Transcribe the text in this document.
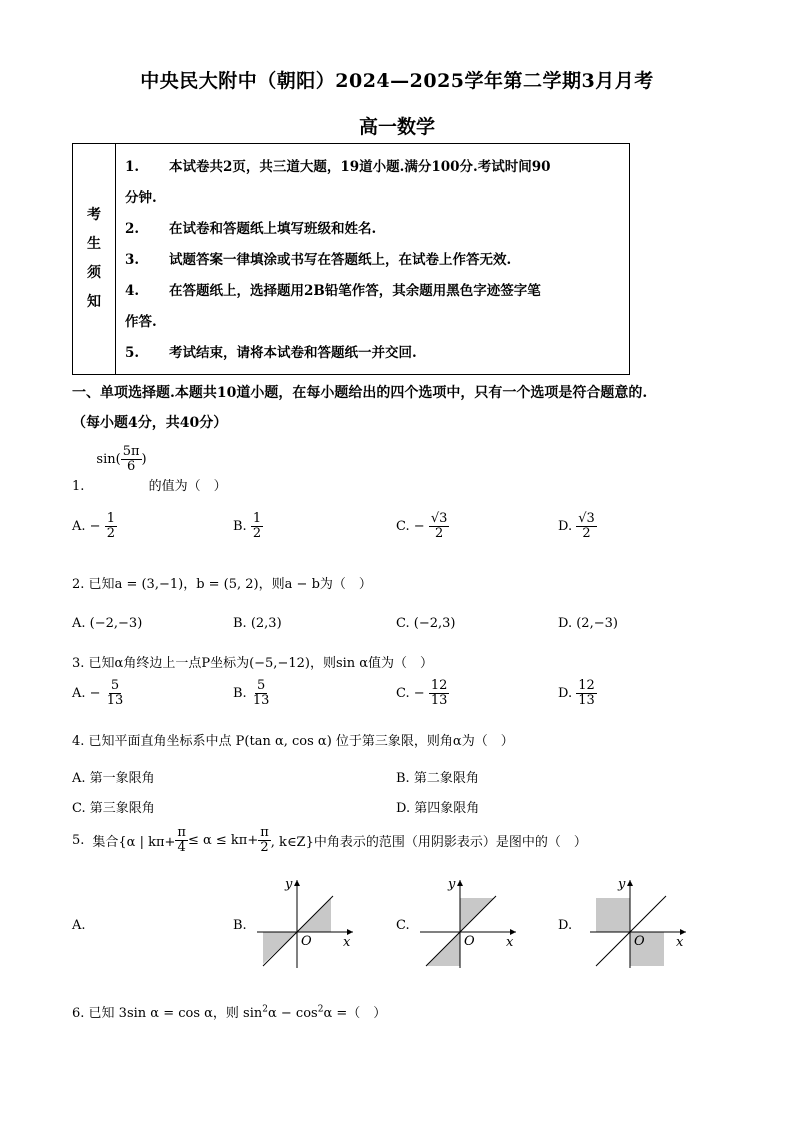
中央民大附中（朝阳）2024—2025学年第二学期3月月考
高一数学
考
生
须
知
1.	本试卷共2页，共三道大题，19道小题.满分100分.考试时间90
分钟.
2.	在试卷和答题纸上填写班级和姓名.
3.	试题答案一律填涂或书写在答题纸上，在试卷上作答无效.
4.	在答题纸上，选择题用2B铅笔作答，其余题用黑色字迹签字笔
作答.
5.	考试结束，请将本试卷和答题纸一并交回.
一、单项选择题.本题共10道小题，在每小题给出的四个选项中，只有一个选项是符合题意的.
（每小题4分，共40分）
1.
$\sin( \frac{5\pi}{6}$ )
的值为（　）
A. − $\frac{1}{2}$	B. $\frac{1}{2}$	C. − $\frac{√3}{2}$	D. $\frac{√3}{2}$
2. 已知a = (3,−1)，b = (5, 2)，则a − b为（　）
A. (−2,−3)	B. (2,3)	C. (−2,3)	D. (2,−3)
3. 已知α角终边上一点P坐标为(−5,−12)，则sin α值为（　）
A. − $\frac{5}{13}$	B. $\frac{5}{13}$	C. − $\frac{12}{13}$	D. $\frac{12}{13}$
4. 已知平面直角坐标系中点 P(tan α, cos α) 位于第三象限，则角α为（　）
A. 第一象限角	B. 第二象限角
C. 第三象限角	D. 第四象限角
5. 集合{α | $k\pi+ \frac{\pi}{4} \le \alpha \le k\pi+ \frac{\pi}{2}$ , k∈Z}中角表示的范围（用阴影表示）是图中的（　）
A.	B.	C.	D.
x
y
O	x
y
O	x
y
O
6. 已知 3sin α = cos α，则 $\sin^2\alpha - \cos^2\alpha$ =（　）
